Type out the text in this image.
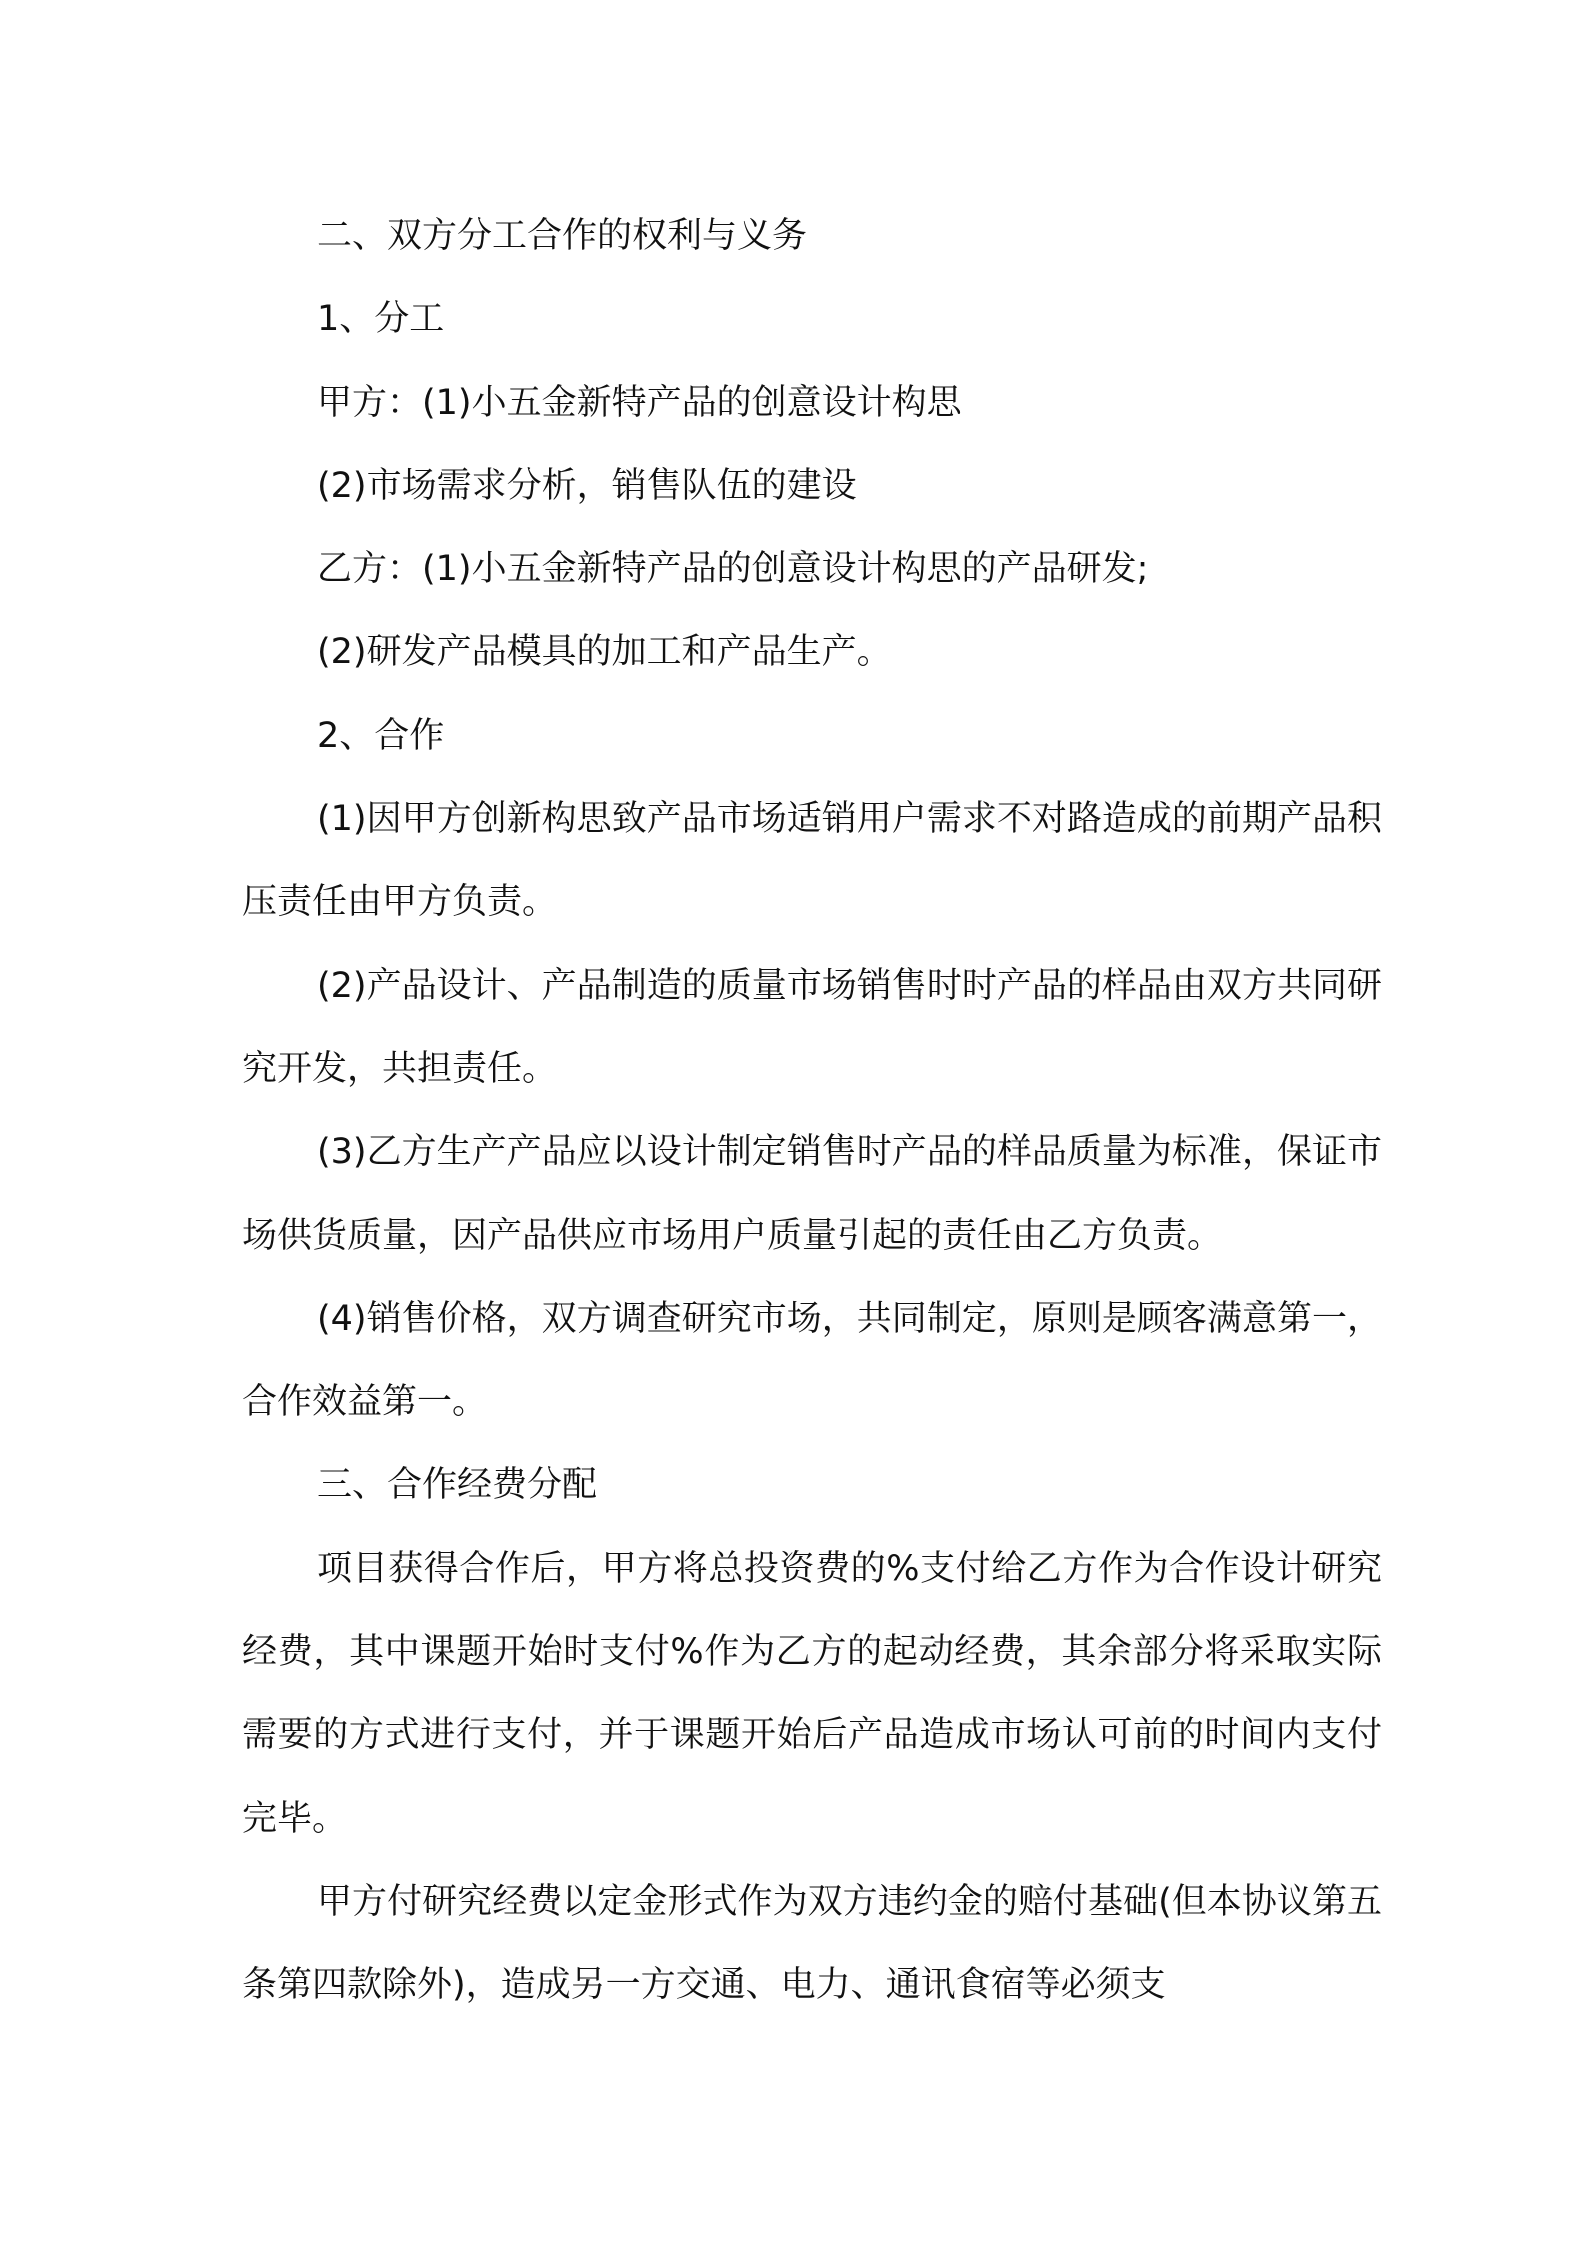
二、双方分工合作的权利与义务

1、分工

甲方：(1)小五金新特产品的创意设计构思

(2)市场需求分析，销售队伍的建设

乙方：(1)小五金新特产品的创意设计构思的产品研发;

(2)研发产品模具的加工和产品生产。

2、合作

(1)因甲方创新构思致产品市场适销用户需求不对路造成的前期产品积压责任由甲方负责。

(2)产品设计、产品制造的质量市场销售时时产品的样品由双方共同研究开发，共担责任。

(3)乙方生产产品应以设计制定销售时产品的样品质量为标准，保证市场供货质量，因产品供应市场用户质量引起的责任由乙方负责。

(4)销售价格，双方调查研究市场，共同制定，原则是顾客满意第一，合作效益第一。

三、合作经费分配

项目获得合作后，甲方将总投资费的%支付给乙方作为合作设计研究经费，其中课题开始时支付%作为乙方的起动经费，其余部分将采取实际需要的方式进行支付，并于课题开始后产品造成市场认可前的时间内支付完毕。

甲方付研究经费以定金形式作为双方违约金的赔付基础(但本协议第五条第四款除外)，造成另一方交通、电力、通讯食宿等必须支
